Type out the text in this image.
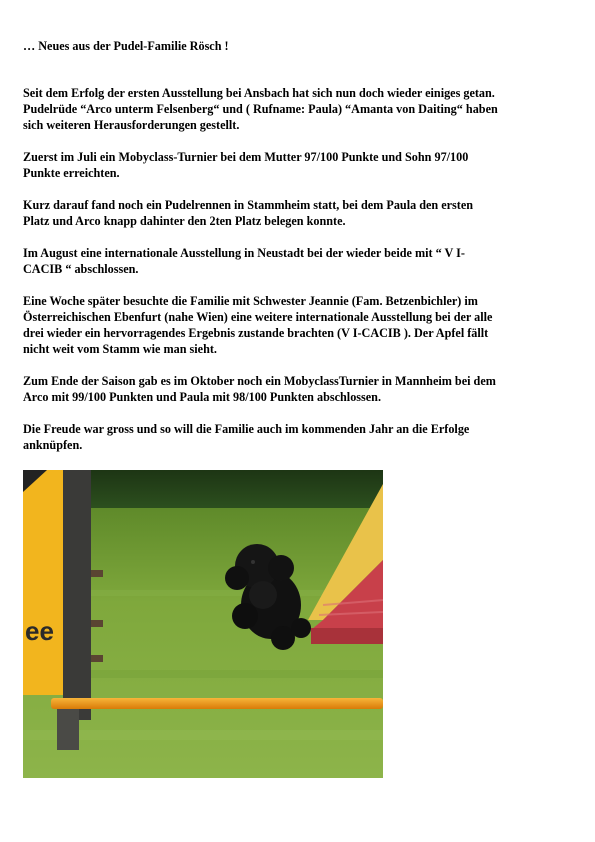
… Neues aus der Pudel-Familie Rösch !

Seit dem Erfolg der ersten Ausstellung bei Ansbach hat sich nun doch wieder einiges getan.
Pudelrüde “Arco unterm Felsenberg“ und ( Rufname: Paula) “Amanta von Daiting“ haben
sich weiteren Herausforderungen gestellt.

Zuerst im Juli ein Mobyclass-Turnier bei dem Mutter 97/100 Punkte und Sohn 97/100
Punkte erreichten.

Kurz darauf fand noch ein Pudelrennen in Stammheim statt, bei dem Paula den ersten
Platz und Arco knapp dahinter den 2ten Platz belegen konnte.

Im August eine internationale Ausstellung in Neustadt bei der wieder beide mit “ V I-
CACIB “ abschlossen.

Eine Woche später besuchte die Familie mit Schwester Jeannie (Fam. Betzenbichler) im
Österreichischen Ebenfurt (nahe Wien) eine weitere internationale Ausstellung bei der alle
drei wieder ein hervorragendes Ergebnis zustande brachten (V I-CACIB ). Der Apfel fällt
nicht weit vom Stamm wie man sieht.

Zum Ende der Saison gab es im Oktober noch ein MobyclassTurnier in Mannheim bei dem
Arco mit 99/100 Punkten und Paula mit 98/100 Punkten abschlossen.

Die Freude war gross und so will die Familie auch im kommenden Jahr an die Erfolge
anknüpfen.

ee
